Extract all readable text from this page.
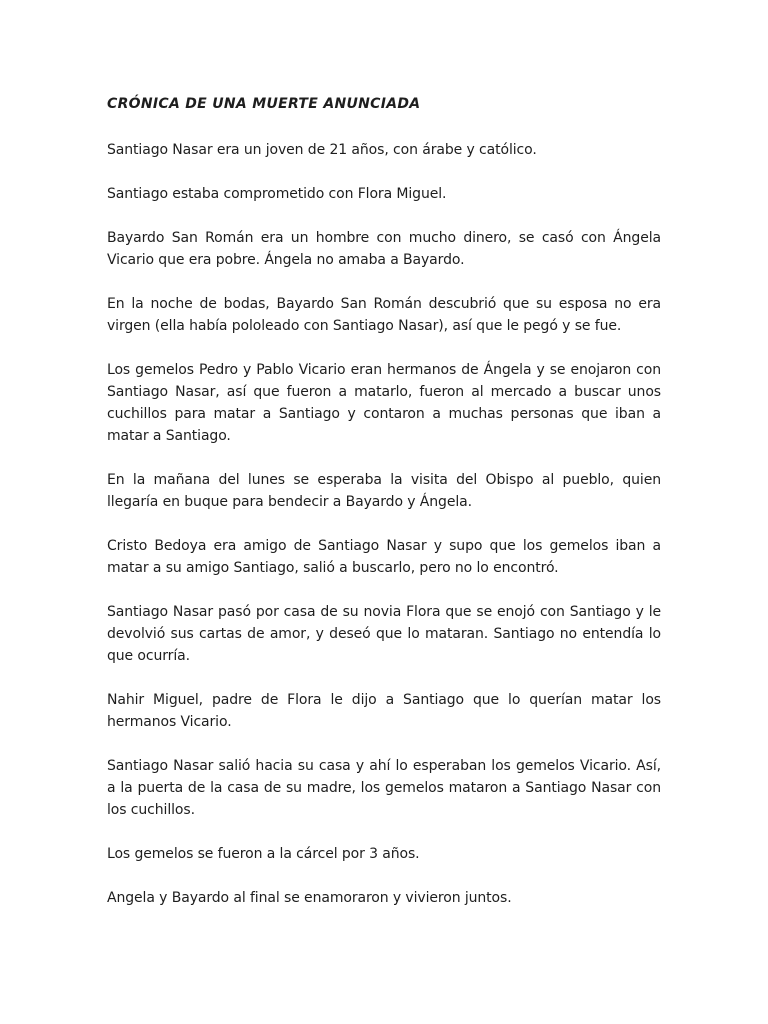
CRÓNICA DE UNA MUERTE ANUNCIADA

Santiago Nasar era un joven de 21 años, con árabe y católico.

Santiago estaba comprometido con Flora Miguel.

Bayardo San Román era un hombre con mucho dinero, se casó con Ángela Vicario que era pobre. Ángela no amaba a Bayardo.

En la noche de bodas, Bayardo San Román descubrió que su esposa no era virgen (ella había pololeado con Santiago Nasar), así que le pegó y se fue.

Los gemelos Pedro y Pablo Vicario eran hermanos de Ángela y se enojaron con Santiago Nasar, así que fueron a matarlo, fueron al mercado a buscar unos cuchillos para matar a Santiago y contaron a muchas personas que iban a matar a Santiago.

En la mañana del lunes se esperaba la visita del Obispo al pueblo, quien llegaría en buque para bendecir a Bayardo y Ángela.

Cristo Bedoya era amigo de Santiago Nasar y supo que los gemelos iban a matar a su amigo Santiago, salió a buscarlo, pero no lo encontró.

Santiago Nasar pasó por casa de su novia Flora que se enojó con Santiago y le devolvió sus cartas de amor, y deseó que lo mataran. Santiago no entendía lo que ocurría.

Nahir Miguel, padre de Flora le dijo a Santiago que lo querían matar los hermanos Vicario.

Santiago Nasar salió hacia su casa y ahí lo esperaban los gemelos Vicario. Así, a la puerta de la casa de su madre, los gemelos mataron a Santiago Nasar con los cuchillos.

Los gemelos se fueron a la cárcel por 3 años.

Angela y Bayardo al final se enamoraron y vivieron juntos.
